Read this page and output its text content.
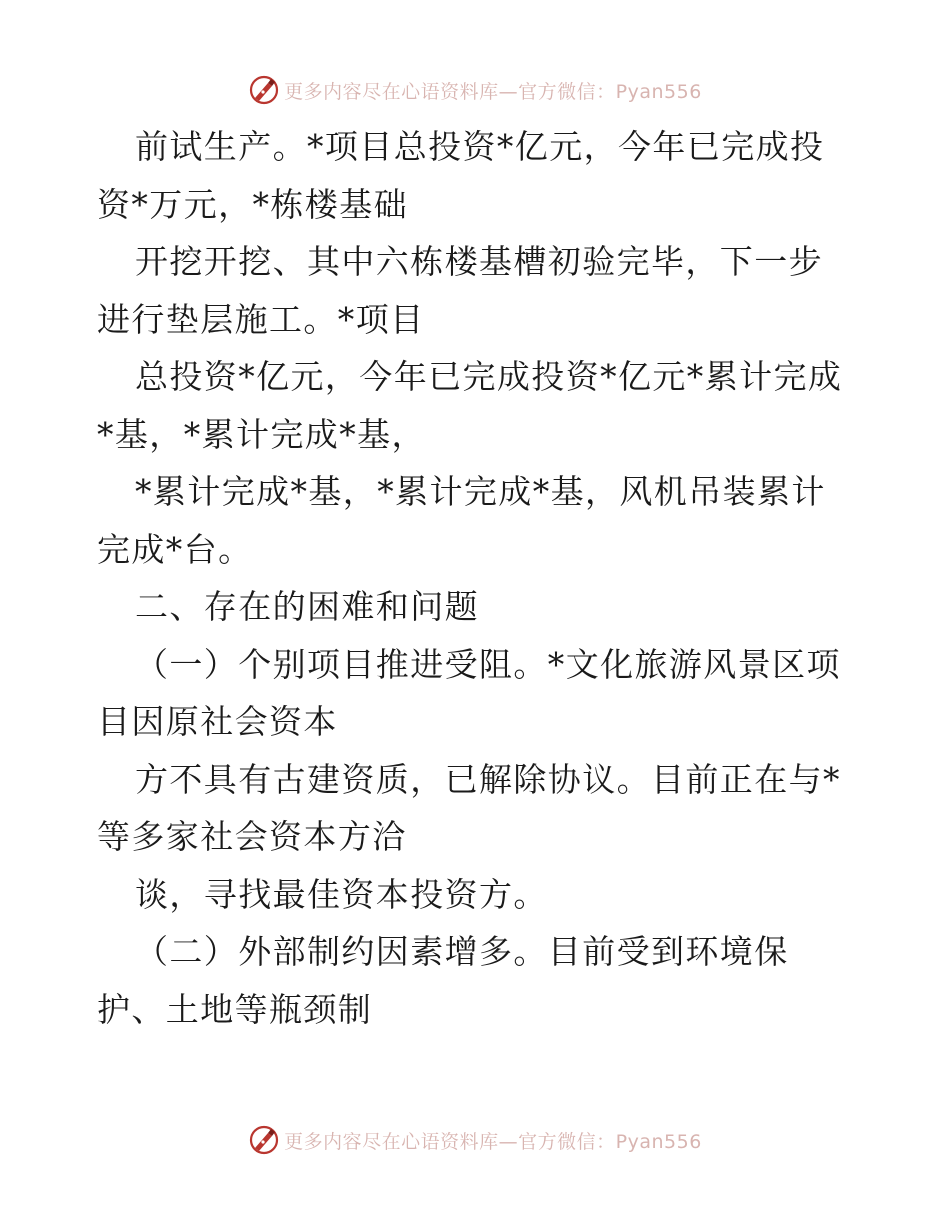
更多内容尽在心语资料库—官方微信：Pyan556

前试生产。*项目总投资*亿元，今年已完成投资*万元，*栋楼基础

开挖开挖、其中六栋楼基槽初验完毕，下一步进行垫层施工。*项目

总投资*亿元，今年已完成投资*亿元*累计完成*基，*累计完成*基，

*累计完成*基，*累计完成*基，风机吊装累计完成*台。

二、存在的困难和问题

（一）个别项目推进受阻。*文化旅游风景区项目因原社会资本

方不具有古建资质，已解除协议。目前正在与*等多家社会资本方洽

谈，寻找最佳资本投资方。

（二）外部制约因素增多。目前受到环境保护、土地等瓶颈制

更多内容尽在心语资料库—官方微信：Pyan556
